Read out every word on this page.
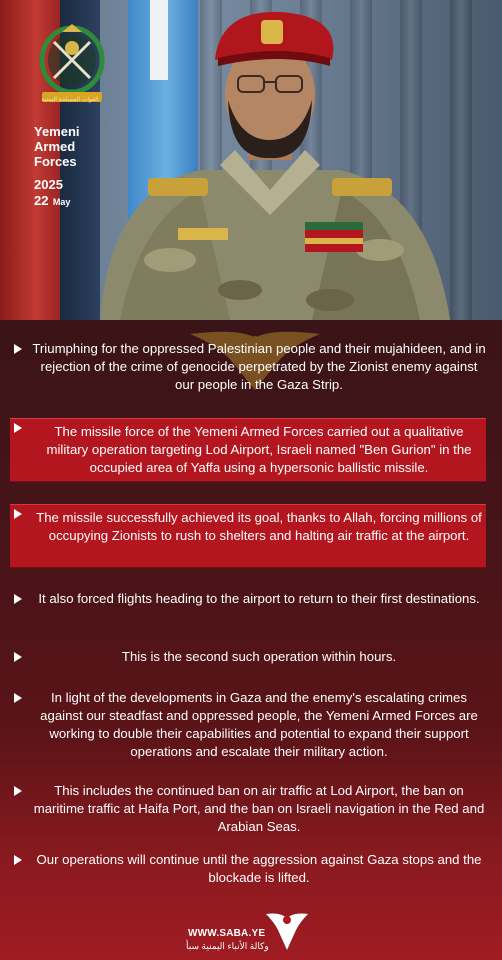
القوات المسلحة اليمنية
Yemeni
Armed
Forces
2025
22 May
Triumphing for the oppressed Palestinian people and their mujahideen, and in rejection of the crime of genocide perpetrated by the Zionist enemy against our people in the Gaza Strip.
The missile force of the Yemeni Armed Forces carried out a qualitative military operation targeting Lod Airport, Israeli named "Ben Gurion" in the occupied area of Yaffa using a hypersonic ballistic missile.
The missile successfully achieved its goal, thanks to Allah, forcing millions of occupying Zionists to rush to shelters and halting air traffic at the airport.
It also forced flights heading to the airport to return to their first destinations.
This is the second such operation within hours.
In light of the developments in Gaza and the enemy's escalating crimes against our steadfast and oppressed people, the Yemeni Armed Forces are working to double their capabilities and potential to expand their support operations and escalate their military action.
This includes the continued ban on air traffic at Lod Airport, the ban on maritime traffic at Haifa Port, and the ban on Israeli navigation in the Red and Arabian Seas.
Our operations will continue until the aggression against Gaza stops and the blockade is lifted.
WWW.SABA.YE
وكالة الأنباء اليمنية سبأ
